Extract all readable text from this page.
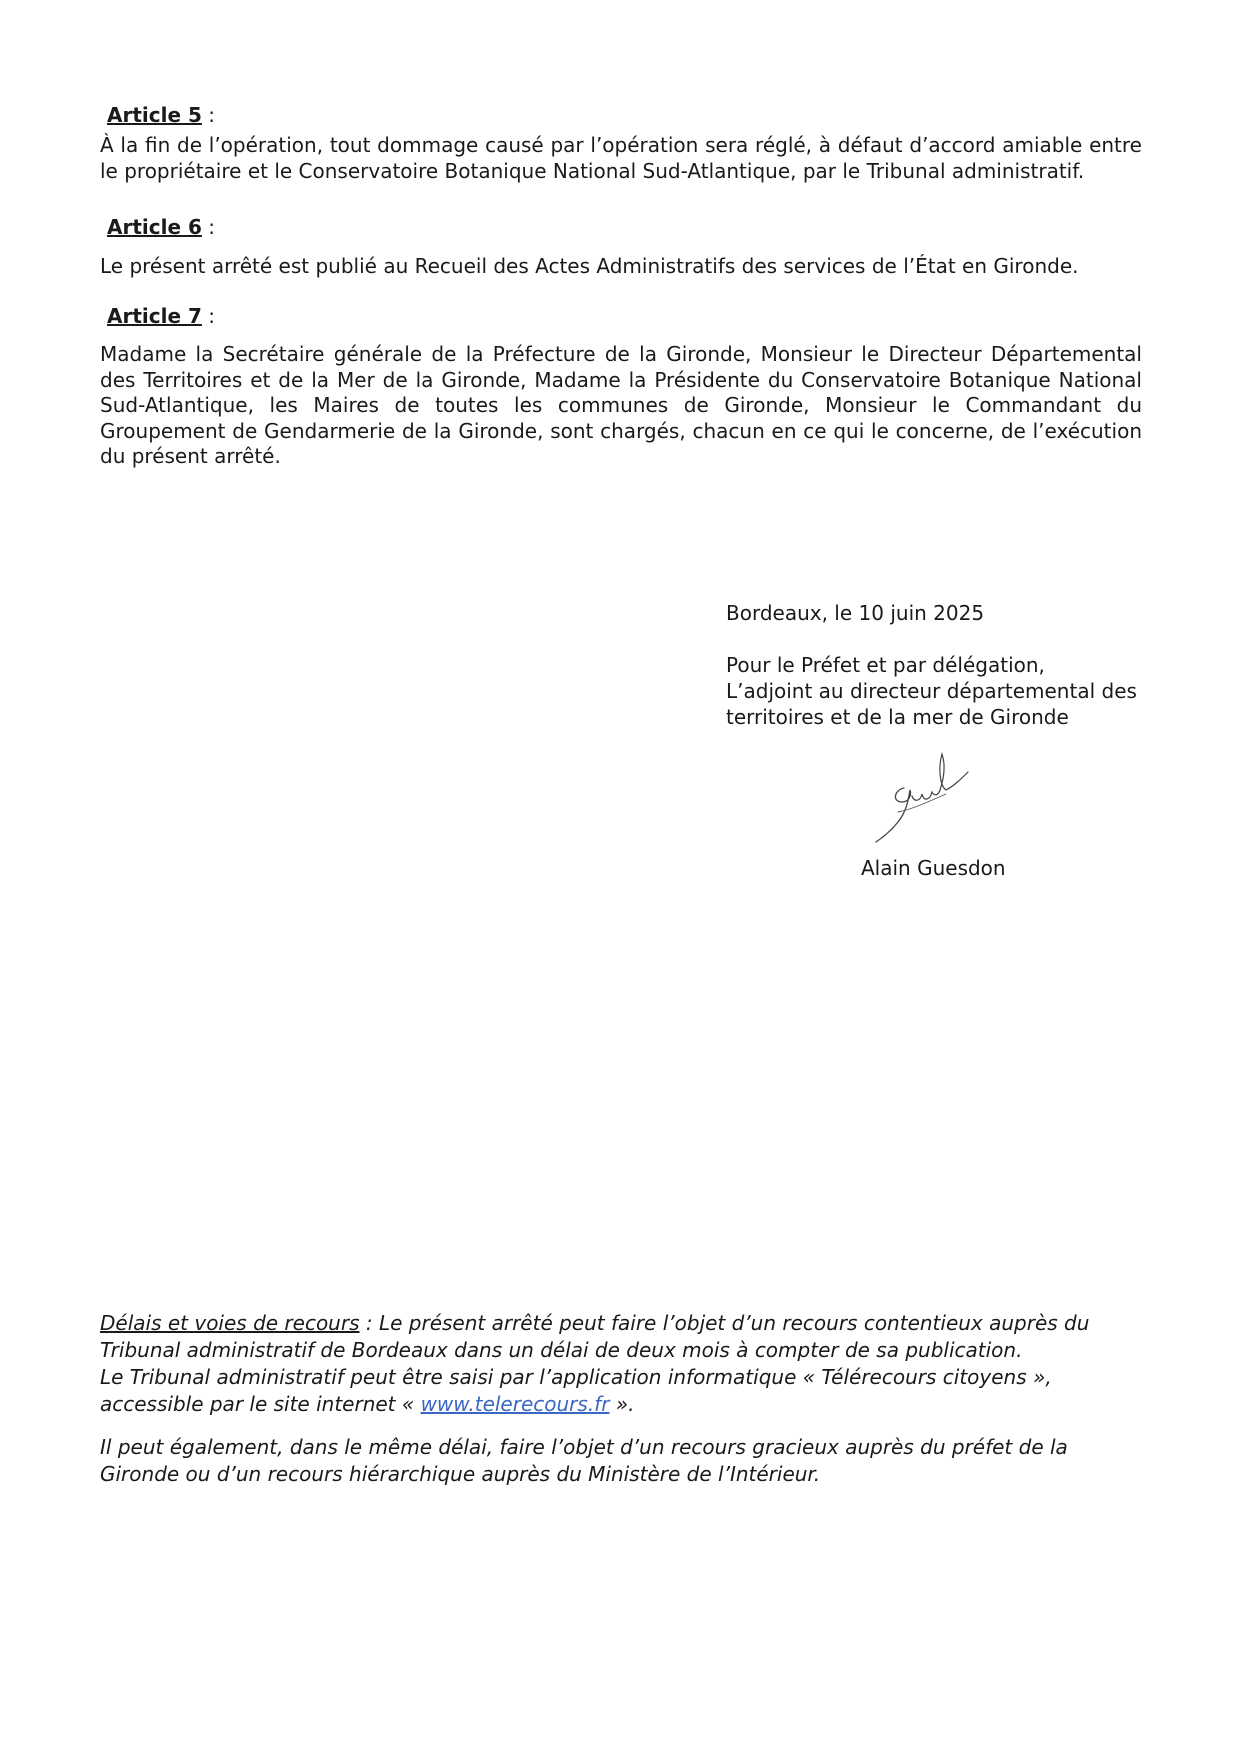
Article 5 :

À la fin de l’opération, tout dommage causé par l’opération sera réglé, à défaut d’accord amiable entre le propriétaire et le Conservatoire Botanique National Sud-Atlantique, par le Tribunal administratif.

Article 6 :

Le présent arrêté est publié au Recueil des Actes Administratifs des services de l’État en Gironde.

Article 7 :

Madame la Secrétaire générale de la Préfecture de la Gironde, Monsieur le Directeur Départemental des Territoires et de la Mer de la Gironde, Madame la Présidente du Conservatoire Botanique National Sud-Atlantique, les Maires de toutes les communes de Gironde, Monsieur le Commandant du Groupement de Gendarmerie de la Gironde, sont chargés, chacun en ce qui le concerne, de l’exécution du présent arrêté.

Bordeaux, le 10 juin 2025
Pour le Préfet et par délégation,
L’adjoint au directeur départemental des
territoires et de la mer de Gironde
Alain Guesdon

Délais et voies de recours : Le présent arrêté peut faire l’objet d’un recours contentieux auprès du Tribunal administratif de Bordeaux dans un délai de deux mois à compter de sa publication.

Le Tribunal administratif peut être saisi par l’application informatique « Télérecours citoyens », accessible par le site internet « www.telerecours.fr ».

Il peut également, dans le même délai, faire l’objet d’un recours gracieux auprès du préfet de la Gironde ou d’un recours hiérarchique auprès du Ministère de l’Intérieur.
